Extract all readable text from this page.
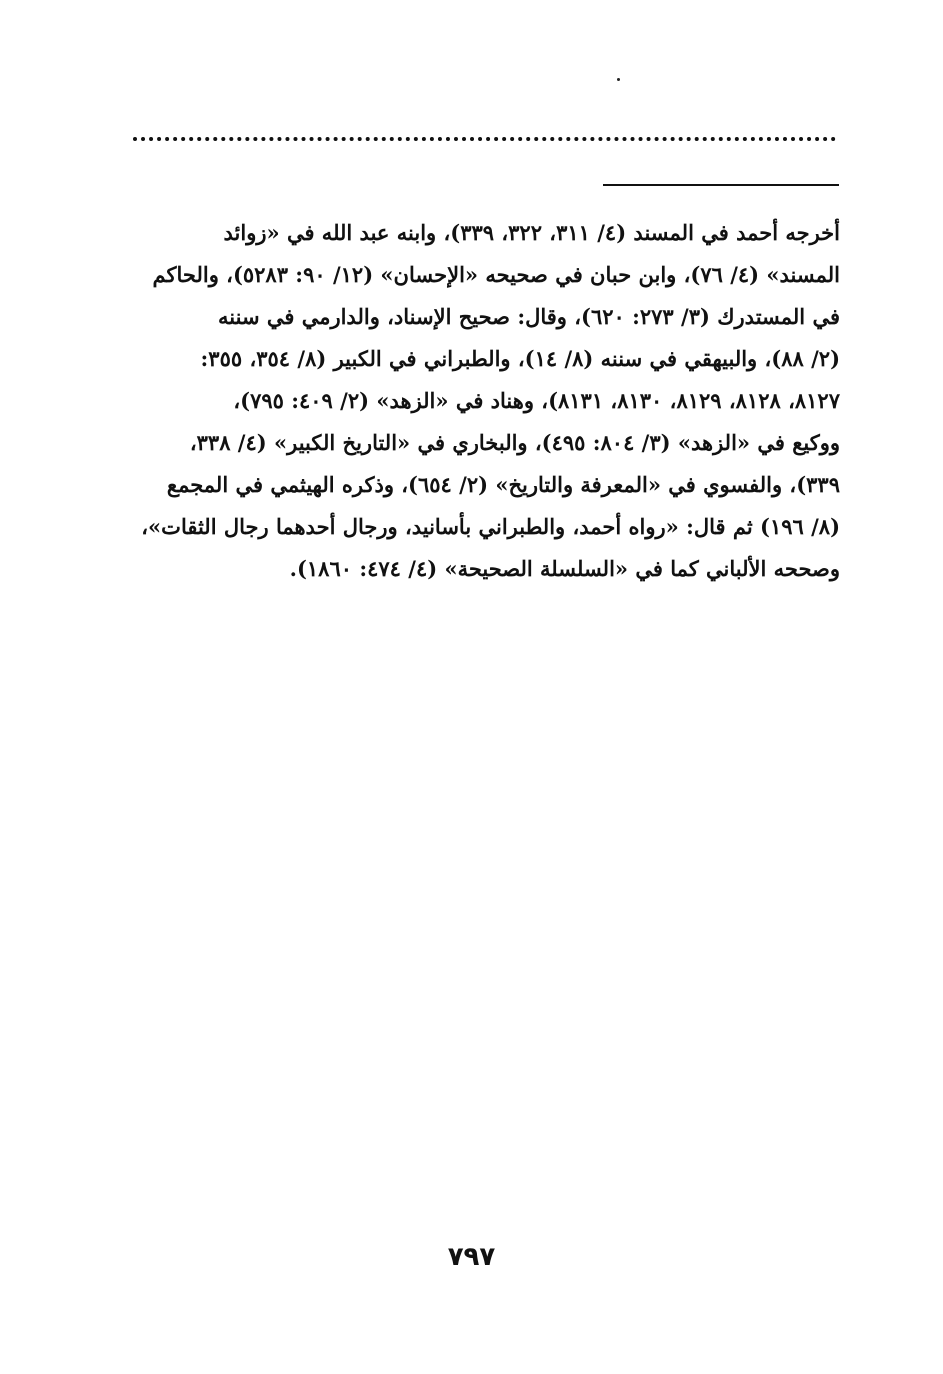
أخرجه أحمد في المسند (٤/ ٣١١، ٣٢٢، ٣٣٩)، وابنه عبد الله في «زوائد
المسند» (٤/ ٧٦)، وابن حبان في صحيحه «الإحسان» (١٢/ ٩٠: ٥٢٨٣)، والحاكم
في المستدرك (٣/ ٢٧٣: ٦٢٠)، وقال: صحيح الإسناد، والدارمي في سننه
(٢/ ٨٨)، والبيهقي في سننه (٨/ ١٤)، والطبراني في الكبير (٨/ ٣٥٤، ٣٥٥:
٨١٢٧، ٨١٢٨، ٨١٢٩، ٨١٣٠، ٨١٣١)، وهناد في «الزهد» (٢/ ٤٠٩: ٧٩٥)،
ووكيع في «الزهد» (٣/ ٨٠٤: ٤٩٥)، والبخاري في «التاريخ الكبير» (٤/ ٣٣٨،
٣٣٩)، والفسوي في «المعرفة والتاريخ» (٢/ ٦٥٤)، وذكره الهيثمي في المجمع
(٨/ ١٩٦) ثم قال: «رواه أحمد، والطبراني بأسانيد، ورجال أحدهما رجال الثقات»،
وصححه الألباني كما في «السلسلة الصحيحة» (٤/ ٤٧٤: ١٨٦٠).
٧٩٧
